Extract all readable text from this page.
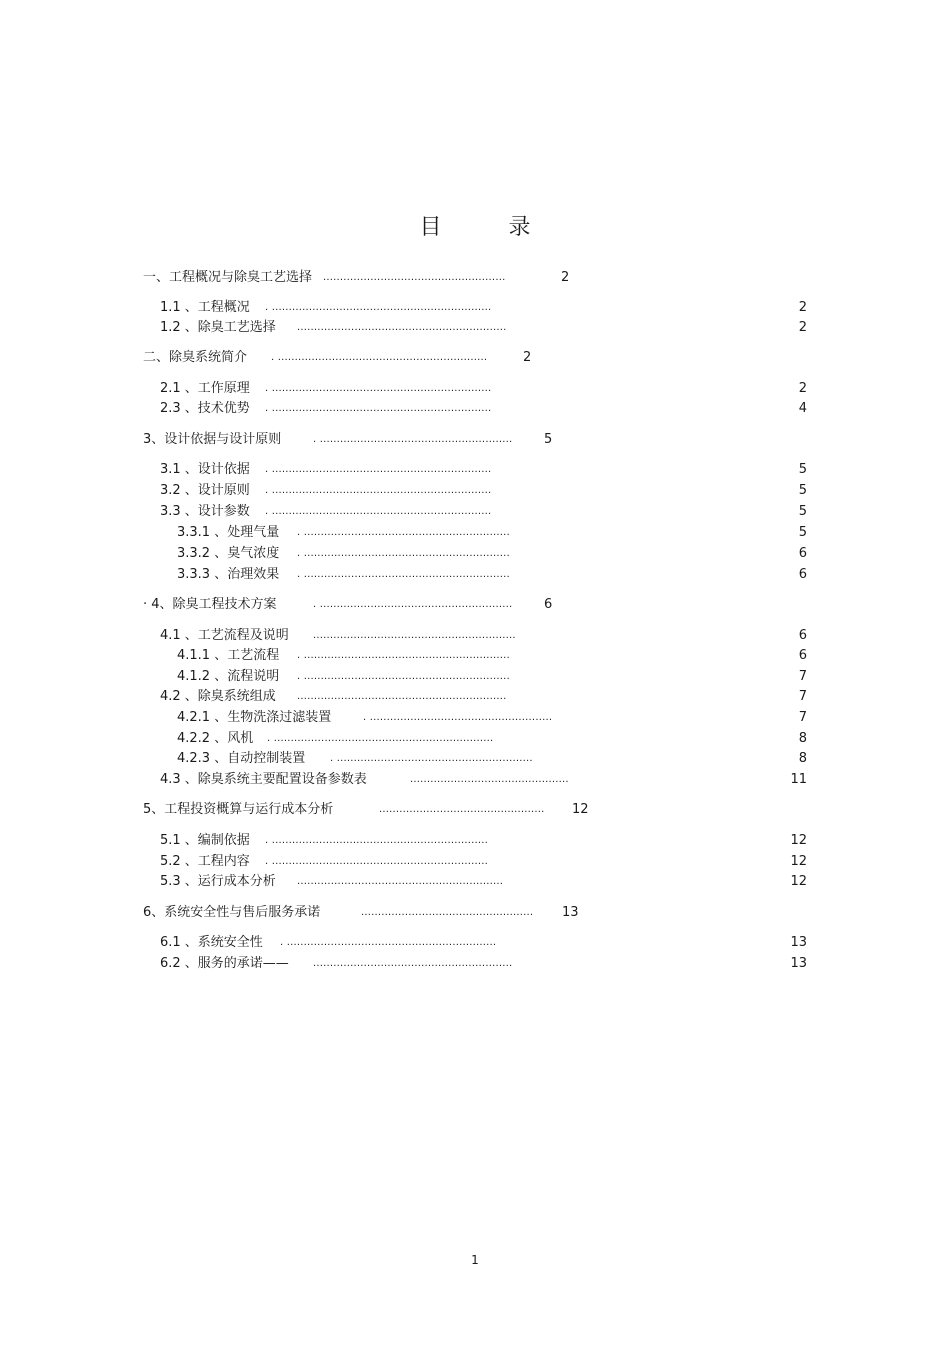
目 录
一、工程概况与除臭工艺选择 ......................................................	2
1.1 、工程概况 . .................................................................	2
1.2 、除臭工艺选择 ..............................................................	2
二、除臭系统简介 . ..............................................................	2
2.1 、工作原理 . .................................................................	2
2.3 、技术优势 . .................................................................	4
3、设计依据与设计原则	. .........................................................	5
3.1 、设计依据 . .................................................................	5
3.2 、设计原则 . .................................................................	5
3.3 、设计参数 . .................................................................	5
3.3.1 、处理气量 . .............................................................	5
3.3.2 、臭气浓度 . .............................................................	6
3.3.3 、治理效果 . .............................................................	6
· 4、除臭工程技术方案	. .........................................................	6
4.1 、工艺流程及说明 ............................................................	6
4.1.1 、工艺流程 . .............................................................	6
4.1.2 、流程说明 . .............................................................	7
4.2 、除臭系统组成 ..............................................................	7
4.2.1 、生物洗涤过滤装置	. ......................................................	7
4.2.2 、风机 . .................................................................	8
4.2.3 、自动控制装置 . ..........................................................	8
4.3 、除臭系统主要配置设备参数表	...............................................	11
5、工程投资概算与运行成本分析	.................................................	12
5.1 、编制依据 . ................................................................	12
5.2 、工程内容 . ................................................................	12
5.3 、运行成本分析 .............................................................	12
6、系统安全性与售后服务承诺	...................................................	13
6.1 、系统安全性 . ..............................................................	13
6.2 、服务的承诺—— ...........................................................	13
1
